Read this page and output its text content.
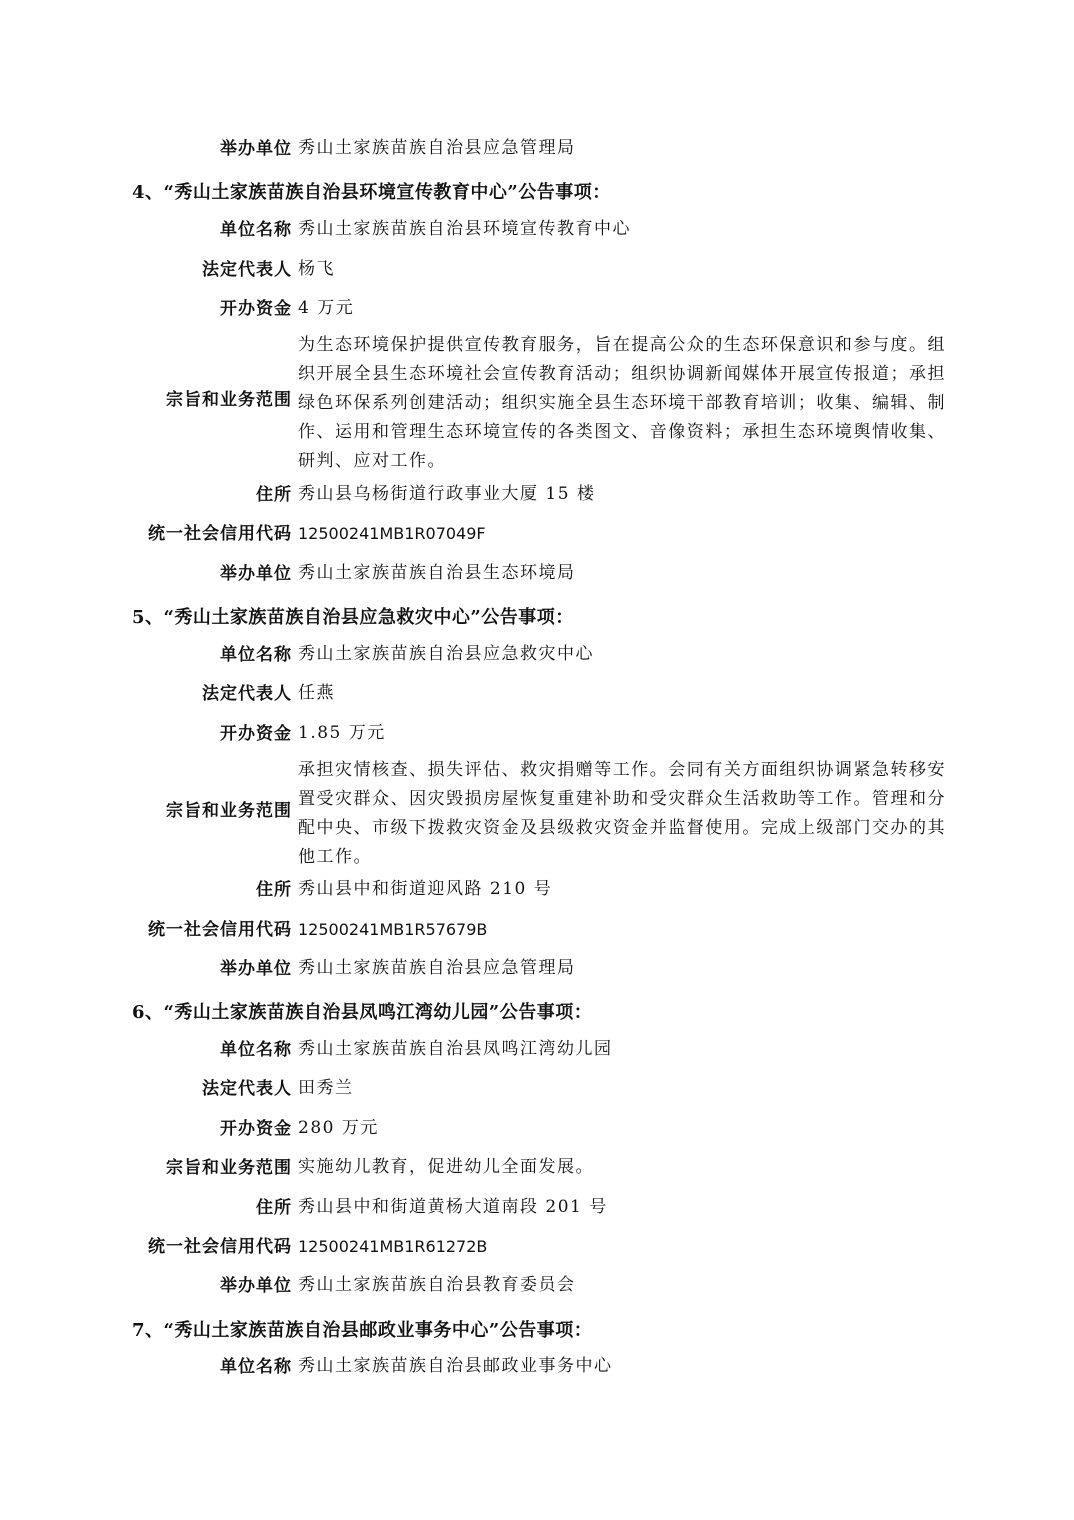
举办单位 秀山土家族苗族自治县应急管理局
4、“秀山土家族苗族自治县环境宣传教育中心”公告事项：
单位名称 秀山土家族苗族自治县环境宣传教育中心
法定代表人 杨飞
开办资金 4 万元
宗旨和业务范围
为生态环境保护提供宣传教育服务，旨在提高公众的生态环保意识和参与度。组织开展全县生态环境社会宣传教育活动；组织协调新闻媒体开展宣传报道；承担绿色环保系列创建活动；组织实施全县生态环境干部教育培训；收集、编辑、制作、运用和管理生态环境宣传的各类图文、音像资料；承担生态环境舆情收集、研判、应对工作。
住所 秀山县乌杨街道行政事业大厦 15 楼
统一社会信用代码 12500241MB1R07049F
举办单位 秀山土家族苗族自治县生态环境局
5、“秀山土家族苗族自治县应急救灾中心”公告事项：
单位名称 秀山土家族苗族自治县应急救灾中心
法定代表人 任燕
开办资金 1.85 万元
宗旨和业务范围
承担灾情核查、损失评估、救灾捐赠等工作。会同有关方面组织协调紧急转移安置受灾群众、因灾毁损房屋恢复重建补助和受灾群众生活救助等工作。管理和分配中央、市级下拨救灾资金及县级救灾资金并监督使用。完成上级部门交办的其他工作。
住所 秀山县中和街道迎风路 210 号
统一社会信用代码 12500241MB1R57679B
举办单位 秀山土家族苗族自治县应急管理局
6、“秀山土家族苗族自治县凤鸣江湾幼儿园”公告事项：
单位名称 秀山土家族苗族自治县凤鸣江湾幼儿园
法定代表人 田秀兰
开办资金 280 万元
宗旨和业务范围 实施幼儿教育，促进幼儿全面发展。
住所 秀山县中和街道黄杨大道南段 201 号
统一社会信用代码 12500241MB1R61272B
举办单位 秀山土家族苗族自治县教育委员会
7、“秀山土家族苗族自治县邮政业事务中心”公告事项：
单位名称 秀山土家族苗族自治县邮政业事务中心
